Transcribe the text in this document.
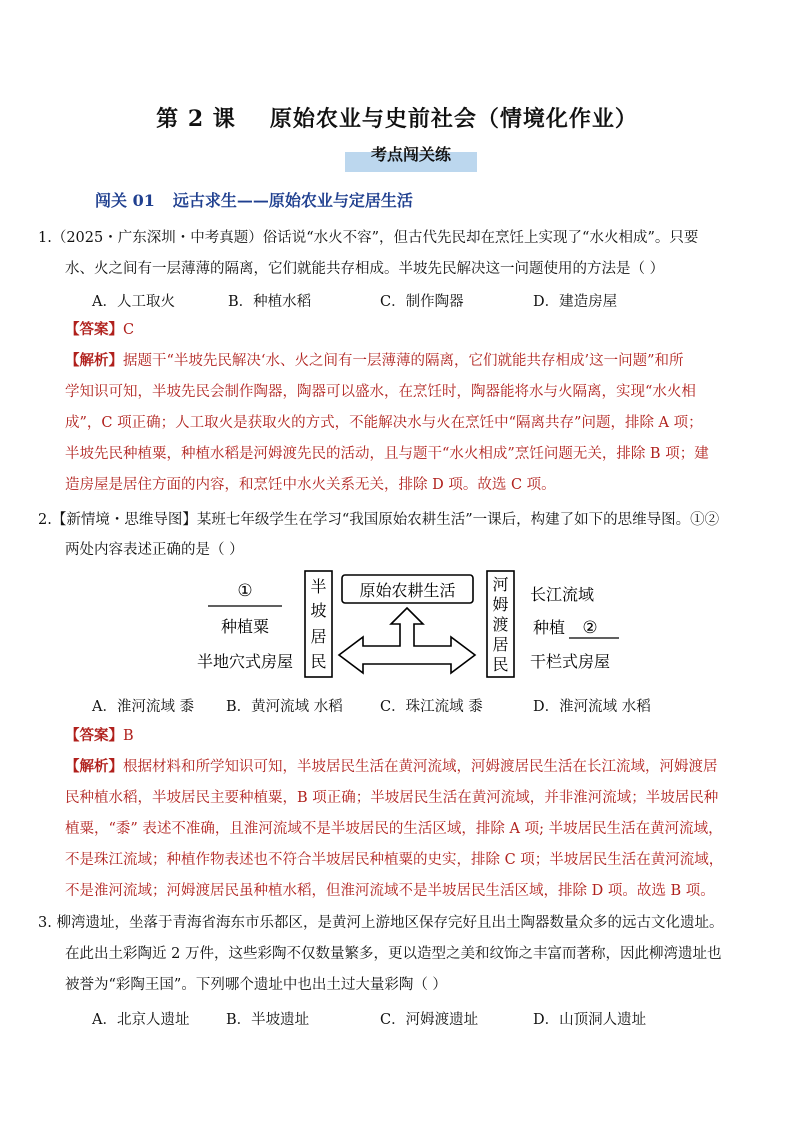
第 2 课 原始农业与史前社会（情境化作业）
考点闯关练
闯关 01 远古求生——原始农业与定居生活
1.（2025・广东深圳・中考真题）俗话说“水火不容”，但古代先民却在烹饪上实现了“水火相成”。只要
水、火之间有一层薄薄的隔离，它们就能共存相成。半坡先民解决这一问题使用的方法是（ ）
A．人工取火	B．种植水稻	C．制作陶器	D．建造房屋
【答案】C
【解析】据题干“半坡先民解决‘水、火之间有一层薄薄的隔离，它们就能共存相成’这一问题”和所
学知识可知，半坡先民会制作陶器，陶器可以盛水，在烹饪时，陶器能将水与火隔离，实现“水火相
成”，C 项正确；人工取火是获取火的方式，不能解决水与火在烹饪中“隔离共存”问题，排除 A 项；
半坡先民种植粟，种植水稻是河姆渡先民的活动，且与题干“水火相成”烹饪问题无关，排除 B 项；建
造房屋是居住方面的内容，和烹饪中水火关系无关，排除 D 项。故选 C 项。
2.【新情境・思维导图】某班七年级学生在学习“我国原始农耕生活”一课后，构建了如下的思维导图。①②
两处内容表述正确的是（ ）
①
种植粟
半地穴式房屋
半
坡
居
民
原始农耕生活 河
姆
渡
居
民
长江流域
种植 ②
干栏式房屋
A．淮河流域 黍 B．黄河流域 水稻	C．珠江流域 黍	D．淮河流域 水稻
【答案】B
【解析】根据材料和所学知识可知，半坡居民生活在黄河流域，河姆渡居民生活在长江流域，河姆渡居
民种植水稻，半坡居民主要种植粟，B 项正确；半坡居民生活在黄河流域，并非淮河流域；半坡居民种
植粟，“黍” 表述不准确，且淮河流域不是半坡居民的生活区域，排除 A 项; 半坡居民生活在黄河流域，
不是珠江流域；种植作物表述也不符合半坡居民种植粟的史实，排除 C 项；半坡居民生活在黄河流域，
不是淮河流域；河姆渡居民虽种植水稻，但淮河流域不是半坡居民生活区域，排除 D 项。故选 B 项。
3. 柳湾遗址，坐落于青海省海东市乐都区，是黄河上游地区保存完好且出土陶器数量众多的远古文化遗址。
在此出土彩陶近 2 万件，这些彩陶不仅数量繁多，更以造型之美和纹饰之丰富而著称，因此柳湾遗址也
被誉为“彩陶王国”。下列哪个遗址中也出土过大量彩陶（ ）
A．北京人遗址	B．半坡遗址	C．河姆渡遗址	D．山顶洞人遗址
